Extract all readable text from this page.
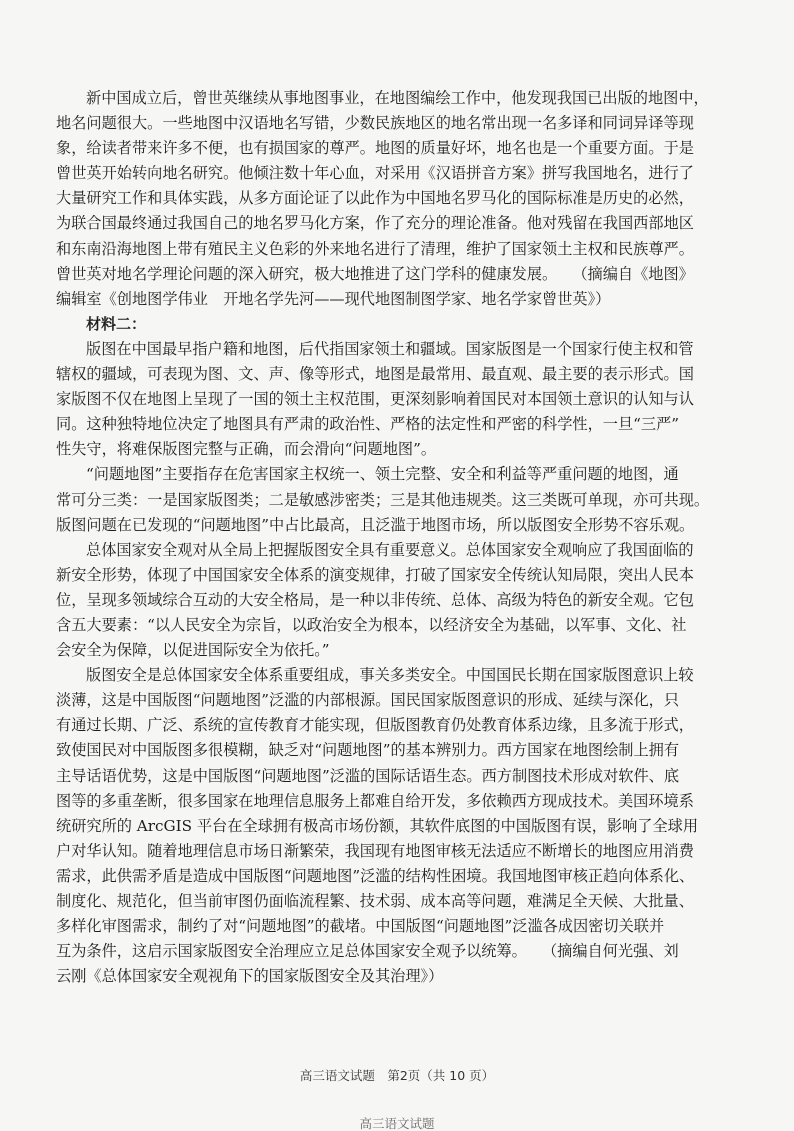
新中国成立后，曾世英继续从事地图事业，在地图编绘工作中，他发现我国已出版的地图中，
地名问题很大。一些地图中汉语地名写错，少数民族地区的地名常出现一名多译和同词异译等现
象，给读者带来许多不便，也有损国家的尊严。地图的质量好坏，地名也是一个重要方面。于是
曾世英开始转向地名研究。他倾注数十年心血，对采用《汉语拼音方案》拼写我国地名，进行了
大量研究工作和具体实践，从多方面论证了以此作为中国地名罗马化的国际标准是历史的必然，
为联合国最终通过我国自己的地名罗马化方案，作了充分的理论准备。他对残留在我国西部地区
和东南沿海地图上带有殖民主义色彩的外来地名进行了清理，维护了国家领土主权和民族尊严。
曾世英对地名学理论问题的深入研究，极大地推进了这门学科的健康发展。　　（摘编自《地图》
编辑室《创地图学伟业　开地名学先河——现代地图制图学家、地名学家曾世英》）
材料二：
版图在中国最早指户籍和地图，后代指国家领土和疆域。国家版图是一个国家行使主权和管
辖权的疆域，可表现为图、文、声、像等形式，地图是最常用、最直观、最主要的表示形式。国
家版图不仅在地图上呈现了一国的领土主权范围，更深刻影响着国民对本国领土意识的认知与认
同。这种独特地位决定了地图具有严肃的政治性、严格的法定性和严密的科学性，一旦“三严”
性失守，将难保版图完整与正确，而会滑向“问题地图”。
“问题地图”主要指存在危害国家主权统一、领土完整、安全和利益等严重问题的地图，通
常可分三类：一是国家版图类；二是敏感涉密类；三是其他违规类。这三类既可单现，亦可共现。
版图问题在已发现的“问题地图”中占比最高，且泛滥于地图市场，所以版图安全形势不容乐观。
总体国家安全观对从全局上把握版图安全具有重要意义。总体国家安全观响应了我国面临的
新安全形势，体现了中国国家安全体系的演变规律，打破了国家安全传统认知局限，突出人民本
位，呈现多领域综合互动的大安全格局，是一种以非传统、总体、高级为特色的新安全观。它包
含五大要素：“以人民安全为宗旨，以政治安全为根本，以经济安全为基础，以军事、文化、社
会安全为保障，以促进国际安全为依托。”
版图安全是总体国家安全体系重要组成，事关多类安全。中国国民长期在国家版图意识上较
淡薄，这是中国版图“问题地图”泛滥的内部根源。国民国家版图意识的形成、延续与深化，只
有通过长期、广泛、系统的宣传教育才能实现，但版图教育仍处教育体系边缘，且多流于形式，
致使国民对中国版图多很模糊，缺乏对“问题地图”的基本辨别力。西方国家在地图绘制上拥有
主导话语优势，这是中国版图“问题地图”泛滥的国际话语生态。西方制图技术形成对软件、底
图等的多重垄断，很多国家在地理信息服务上都难自给开发，多依赖西方现成技术。美国环境系
统研究所的 ArcGIS 平台在全球拥有极高市场份额，其软件底图的中国版图有误，影响了全球用
户对华认知。随着地理信息市场日渐繁荣，我国现有地图审核无法适应不断增长的地图应用消费
需求，此供需矛盾是造成中国版图“问题地图”泛滥的结构性困境。我国地图审核正趋向体系化、
制度化、规范化，但当前审图仍面临流程繁、技术弱、成本高等问题，难满足全天候、大批量、
多样化审图需求，制约了对“问题地图”的截堵。中国版图“问题地图”泛滥各成因密切关联并
互为条件，这启示国家版图安全治理应立足总体国家安全观予以统筹。　　（摘编自何光强、刘
云刚《总体国家安全观视角下的国家版图安全及其治理》）
高三语文试题　第2页（共 10 页）
高三语文试题
